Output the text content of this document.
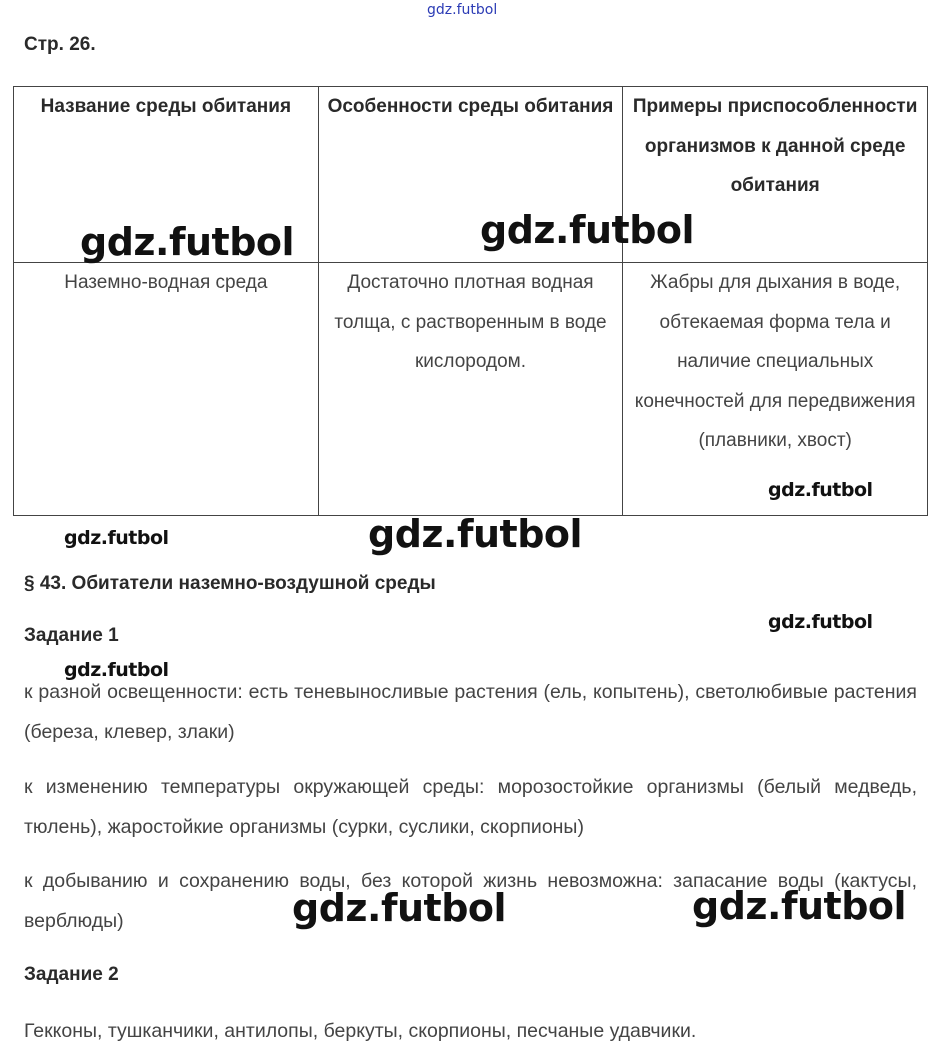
Стр. 26.
Название среды обитания	Особенности среды обитания	Примеры приспособленности организмов к данной среде обитания
Наземно-водная среда	Достаточно плотная водная толща, с растворенным в воде кислородом.	Жабры для дыхания в воде, обтекаемая форма тела и наличие специальных конечностей для передвижения (плавники, хвост)
§ 43. Обитатели наземно-воздушной среды
Задание 1

к разной освещенности: есть теневыносливые растения (ель, копытень), светолюбивые растения (береза, клевер, злаки)

к изменению температуры окружающей среды: морозостойкие организмы (белый медведь, тюлень), жаростойкие организмы (сурки, суслики, скорпионы)

к добыванию и сохранению воды, без которой жизнь невозможна: запасание воды (кактусы, верблюды)

Задание 2

Гекконы, тушканчики, антилопы, беркуты, скорпионы, песчаные удавчики.

gdz.futbol
gdz.futbol	gdz.futbol
gdz.futbol
gdz.futbol	gdz.futbol
gdz.futbol
gdz.futbol
gdz.futbol	gdz.futbol
